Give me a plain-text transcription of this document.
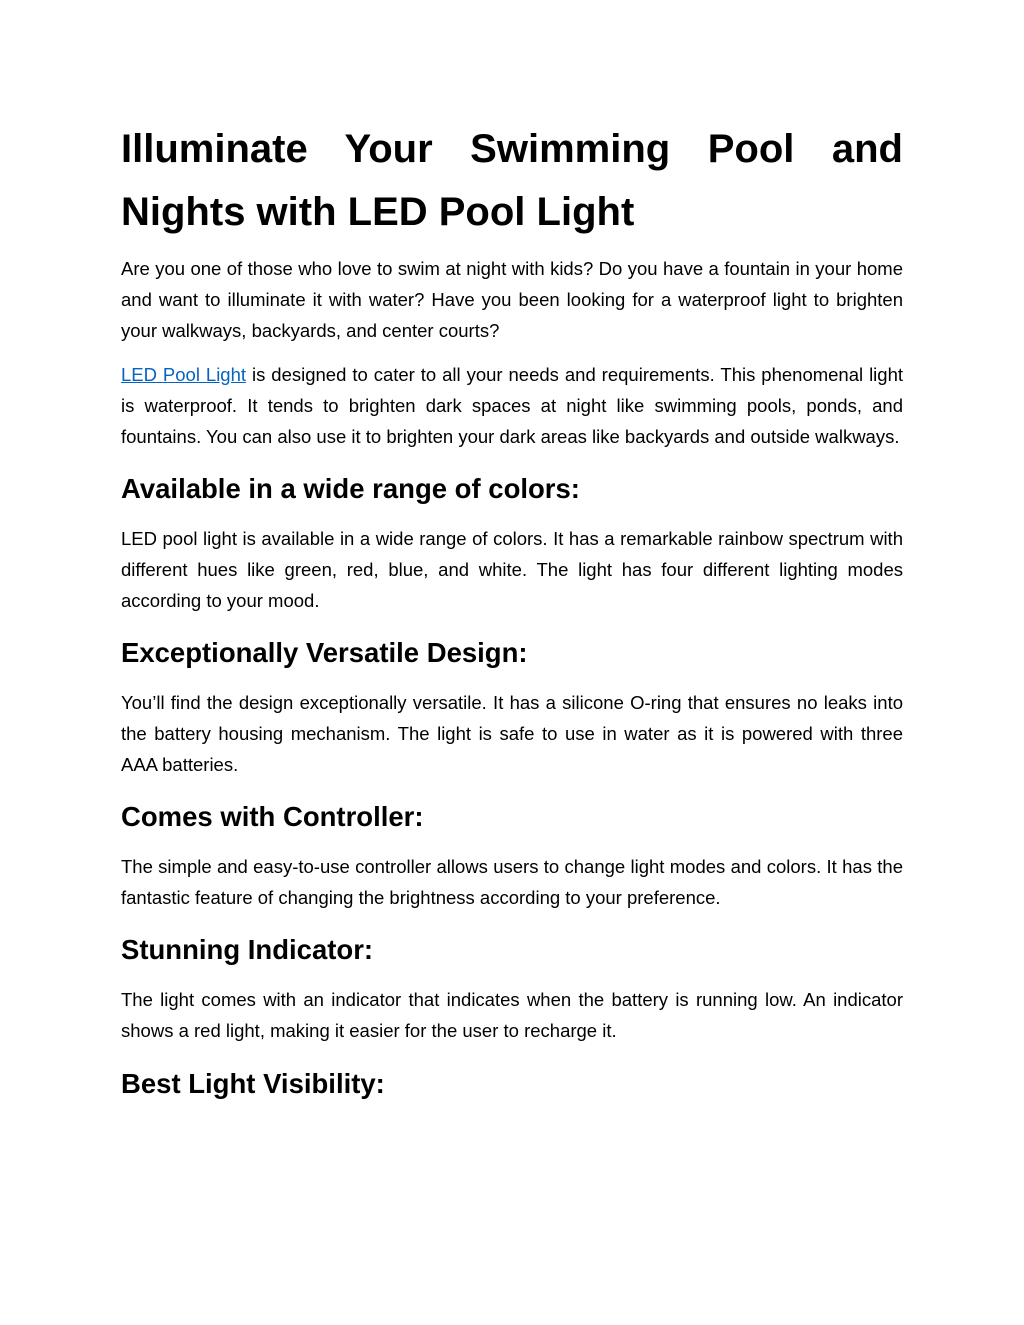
Illuminate Your Swimming Pool and Nights with LED Pool Light

Are you one of those who love to swim at night with kids? Do you have a fountain in your home and want to illuminate it with water? Have you been looking for a waterproof light to brighten your walkways, backyards, and center courts?

LED Pool Light is designed to cater to all your needs and requirements. This phenomenal light is waterproof. It tends to brighten dark spaces at night like swimming pools, ponds, and fountains. You can also use it to brighten your dark areas like backyards and outside walkways.

Available in a wide range of colors:

LED pool light is available in a wide range of colors. It has a remarkable rainbow spectrum with different hues like green, red, blue, and white. The light has four different lighting modes according to your mood.

Exceptionally Versatile Design:

You’ll find the design exceptionally versatile. It has a silicone O-ring that ensures no leaks into the battery housing mechanism. The light is safe to use in water as it is powered with three AAA batteries.

Comes with Controller:

The simple and easy-to-use controller allows users to change light modes and colors. It has the fantastic feature of changing the brightness according to your preference.

Stunning Indicator:

The light comes with an indicator that indicates when the battery is running low. An indicator shows a red light, making it easier for the user to recharge it.

Best Light Visibility:
